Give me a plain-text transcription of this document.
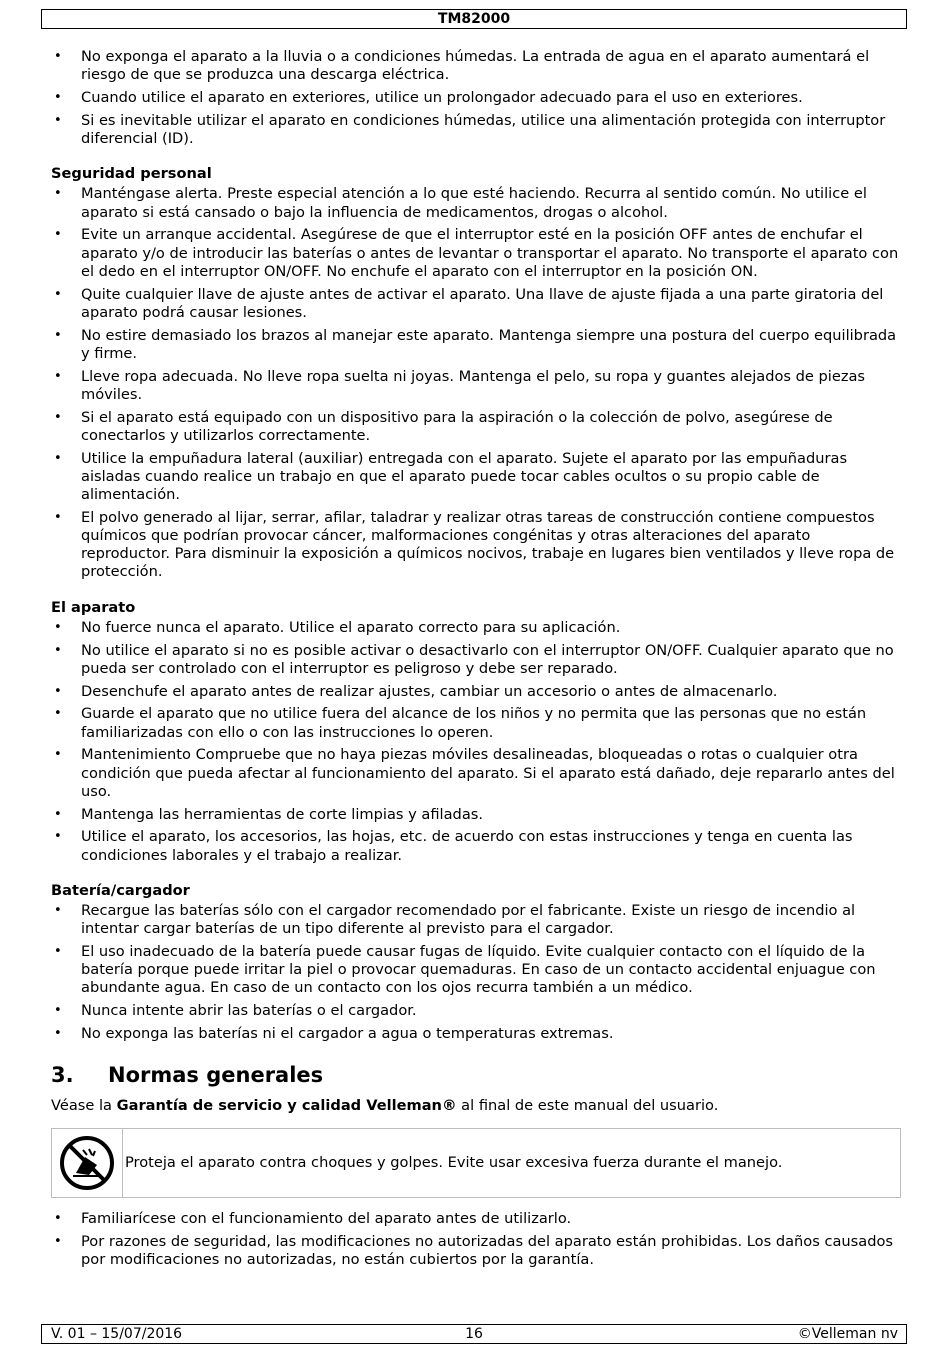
TM82000
• No exponga el aparato a la lluvia o a condiciones húmedas. La entrada de agua en el aparato aumentará el riesgo de que se produzca una descarga eléctrica.
• Cuando utilice el aparato en exteriores, utilice un prolongador adecuado para el uso en exteriores.
• Si es inevitable utilizar el aparato en condiciones húmedas, utilice una alimentación protegida con interruptor diferencial (ID).
Seguridad personal
• Manténgase alerta. Preste especial atención a lo que esté haciendo. Recurra al sentido común. No utilice el aparato si está cansado o bajo la influencia de medicamentos, drogas o alcohol.
• Evite un arranque accidental. Asegúrese de que el interruptor esté en la posición OFF antes de enchufar el aparato y/o de introducir las baterías o antes de levantar o transportar el aparato. No transporte el aparato con el dedo en el interruptor ON/OFF. No enchufe el aparato con el interruptor en la posición ON.
• Quite cualquier llave de ajuste antes de activar el aparato. Una llave de ajuste fijada a una parte giratoria del aparato podrá causar lesiones.
• No estire demasiado los brazos al manejar este aparato. Mantenga siempre una postura del cuerpo equilibrada y firme.
• Lleve ropa adecuada. No lleve ropa suelta ni joyas. Mantenga el pelo, su ropa y guantes alejados de piezas móviles.
• Si el aparato está equipado con un dispositivo para la aspiración o la colección de polvo, asegúrese de conectarlos y utilizarlos correctamente.
• Utilice la empuñadura lateral (auxiliar) entregada con el aparato. Sujete el aparato por las empuñaduras aisladas cuando realice un trabajo en que el aparato puede tocar cables ocultos o su propio cable de alimentación.
• El polvo generado al lijar, serrar, afilar, taladrar y realizar otras tareas de construcción contiene compuestos químicos que podrían provocar cáncer, malformaciones congénitas y otras alteraciones del aparato reproductor. Para disminuir la exposición a químicos nocivos, trabaje en lugares bien ventilados y lleve ropa de protección.
El aparato
• No fuerce nunca el aparato. Utilice el aparato correcto para su aplicación.
• No utilice el aparato si no es posible activar o desactivarlo con el interruptor ON/OFF. Cualquier aparato que no pueda ser controlado con el interruptor es peligroso y debe ser reparado.
• Desenchufe el aparato antes de realizar ajustes, cambiar un accesorio o antes de almacenarlo.
• Guarde el aparato que no utilice fuera del alcance de los niños y no permita que las personas que no están familiarizadas con ello o con las instrucciones lo operen.
• Mantenimiento Compruebe que no haya piezas móviles desalineadas, bloqueadas o rotas o cualquier otra condición que pueda afectar al funcionamiento del aparato. Si el aparato está dañado, deje repararlo antes del uso.
• Mantenga las herramientas de corte limpias y afiladas.
• Utilice el aparato, los accesorios, las hojas, etc. de acuerdo con estas instrucciones y tenga en cuenta las condiciones laborales y el trabajo a realizar.
Batería/cargador
• Recargue las baterías sólo con el cargador recomendado por el fabricante. Existe un riesgo de incendio al intentar cargar baterías de un tipo diferente al previsto para el cargador.
• El uso inadecuado de la batería puede causar fugas de líquido. Evite cualquier contacto con el líquido de la batería porque puede irritar la piel o provocar quemaduras. En caso de un contacto accidental enjuague con abundante agua. En caso de un contacto con los ojos recurra también a un médico.
• Nunca intente abrir las baterías o el cargador.
• No exponga las baterías ni el cargador a agua o temperaturas extremas.
3.	Normas generales
Véase la Garantía de servicio y calidad Velleman® al final de este manual del usuario.
Proteja el aparato contra choques y golpes. Evite usar excesiva fuerza durante el manejo.
• Familiarícese con el funcionamiento del aparato antes de utilizarlo.
• Por razones de seguridad, las modificaciones no autorizadas del aparato están prohibidas. Los daños causados por modificaciones no autorizadas, no están cubiertos por la garantía.
V. 01 – 15/07/2016	16	©Velleman nv
